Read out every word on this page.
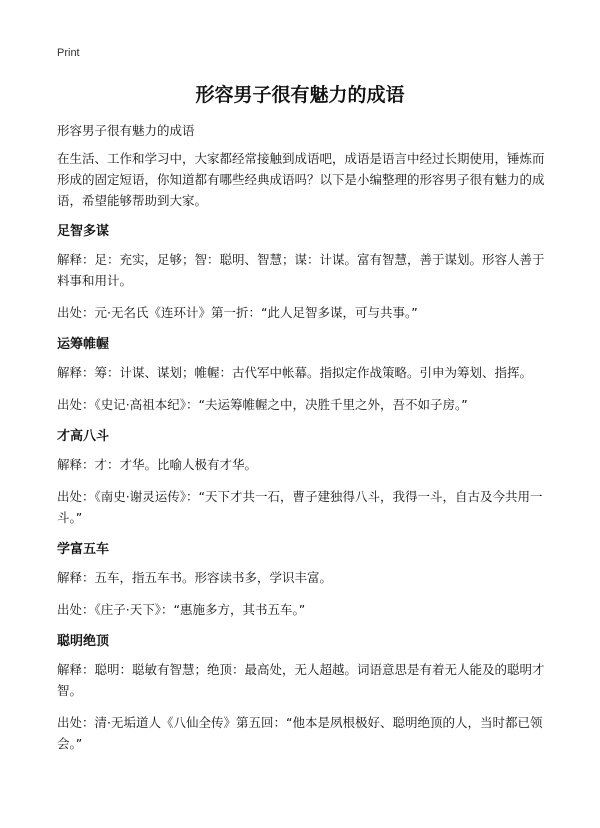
Print
形容男子很有魅力的成语
形容男子很有魅力的成语

在生活、工作和学习中，大家都经常接触到成语吧，成语是语言中经过长期使用，锤炼而形成的固定短语，你知道都有哪些经典成语吗？以下是小编整理的形容男子很有魅力的成语，希望能够帮助到大家。

足智多谋

解释：足：充实，足够；智：聪明、智慧；谋：计谋。富有智慧，善于谋划。形容人善于料事和用计。

出处：元·无名氏《连环计》第一折：“此人足智多谋，可与共事。”

运筹帷幄

解释：筹：计谋、谋划；帷幄：古代军中帐幕。指拟定作战策略。引申为筹划、指挥。

出处：《史记·高祖本纪》：“夫运筹帷幄之中，决胜千里之外，吾不如子房。”

才高八斗

解释：才：才华。比喻人极有才华。

出处：《南史·谢灵运传》：“天下才共一石，曹子建独得八斗，我得一斗，自古及今共用一斗。”

学富五车

解释：五车，指五车书。形容读书多，学识丰富。

出处：《庄子·天下》：“惠施多方，其书五车。”

聪明绝顶

解释：聪明：聪敏有智慧；绝顶：最高处，无人超越。词语意思是有着无人能及的聪明才智。

出处：清·无垢道人《八仙全传》第五回：“他本是夙根极好、聪明绝顶的人，当时都已领会。”
